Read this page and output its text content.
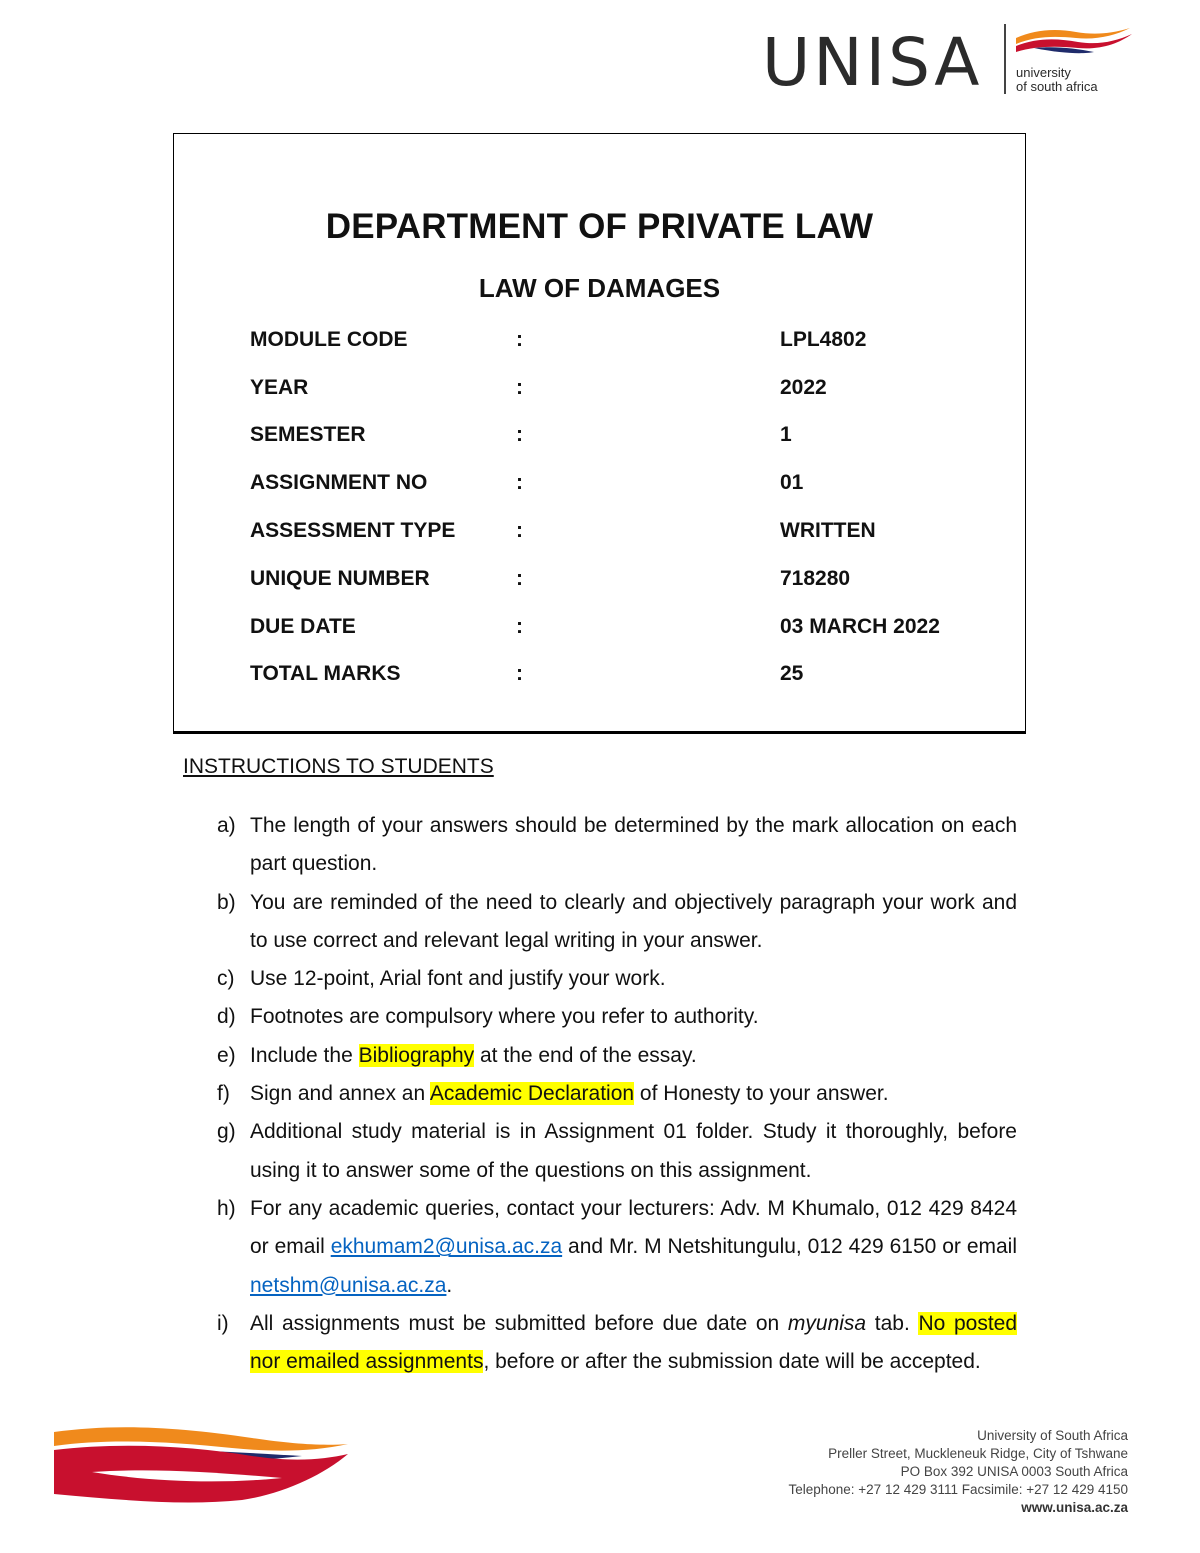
UNISA	university
of south africa
DEPARTMENT OF PRIVATE LAW
LAW OF DAMAGES
MODULE CODE	:	LPL4802
YEAR	:	2022
SEMESTER	:	1
ASSIGNMENT NO	:	01
ASSESSMENT TYPE	:	WRITTEN
UNIQUE NUMBER	:	718280
DUE DATE	:	03 MARCH 2022
TOTAL MARKS	:	25
INSTRUCTIONS TO STUDENTS
a) The length of your answers should be determined by the mark allocation on each part question.
b) You are reminded of the need to clearly and objectively paragraph your work and to use correct and relevant legal writing in your answer.
c) Use 12-point, Arial font and justify your work.
d) Footnotes are compulsory where you refer to authority.
e) Include the Bibliography at the end of the essay.
f) Sign and annex an Academic Declaration of Honesty to your answer.
g) Additional study material is in Assignment 01 folder. Study it thoroughly, before using it to answer some of the questions on this assignment.
h) For any academic queries, contact your lecturers: Adv. M Khumalo, 012 429 8424 or email ekhumam2@unisa.ac.za and Mr. M Netshitungulu, 012 429 6150 or email netshm@unisa.ac.za.
i) All assignments must be submitted before due date on myunisa tab. No posted nor emailed assignments, before or after the submission date will be accepted.
University of South Africa
Preller Street, Muckleneuk Ridge, City of Tshwane
PO Box 392 UNISA 0003 South Africa
Telephone: +27 12 429 3111 Facsimile: +27 12 429 4150
www.unisa.ac.za
